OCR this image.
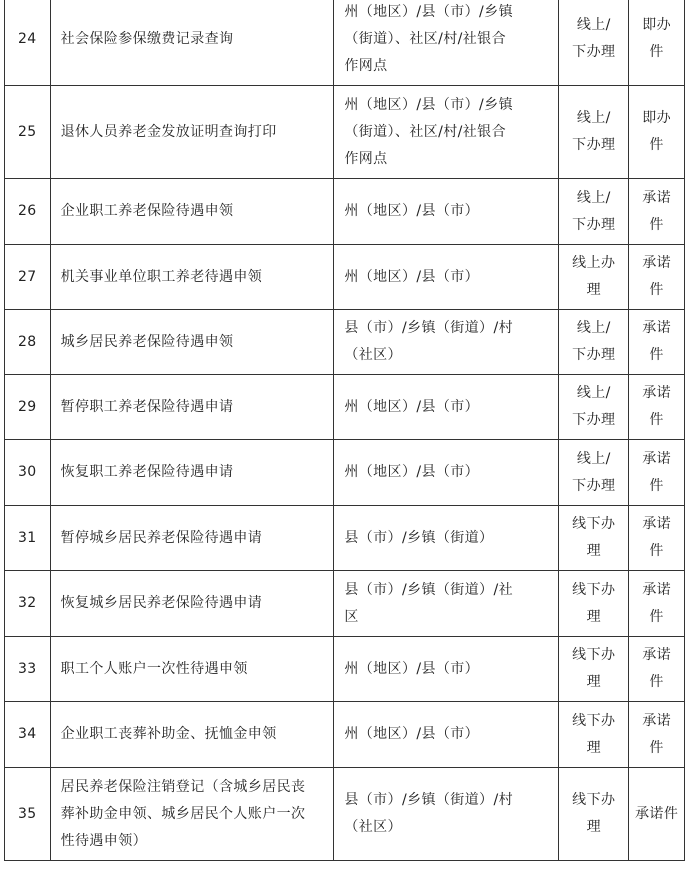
24	社会保险参保缴费记录查询	州（地区）/县（市）/乡镇
（街道）、社区/村/社银合
作网点	线上/
下办理	即办
件

25	退休人员养老金发放证明查询打印	州（地区）/县（市）/乡镇
（街道）、社区/村/社银合
作网点	线上/
下办理	即办
件

26	企业职工养老保险待遇申领	州（地区）/县（市）	线上/
下办理	承诺
件

27	机关事业单位职工养老待遇申领	州（地区）/县（市）	线上办
理	承诺
件

28	城乡居民养老保险待遇申领	县（市）/乡镇（街道）/村
（社区）	线上/
下办理	承诺
件

29	暂停职工养老保险待遇申请	州（地区）/县（市）	线上/
下办理	承诺
件

30	恢复职工养老保险待遇申请	州（地区）/县（市）	线上/
下办理	承诺
件

31	暂停城乡居民养老保险待遇申请	县（市）/乡镇（街道）	线下办
理	承诺
件

32	恢复城乡居民养老保险待遇申请	县（市）/乡镇（街道）/社
区	线下办
理	承诺
件

33	职工个人账户一次性待遇申领	州（地区）/县（市）	线下办
理	承诺
件

34	企业职工丧葬补助金、抚恤金申领	州（地区）/县（市）	线下办
理	承诺
件

35	居民养老保险注销登记（含城乡居民丧
葬补助金申领、城乡居民个人账户一次
性待遇申领）	县（市）/乡镇（街道）/村
（社区）	线下办
理	承诺件
